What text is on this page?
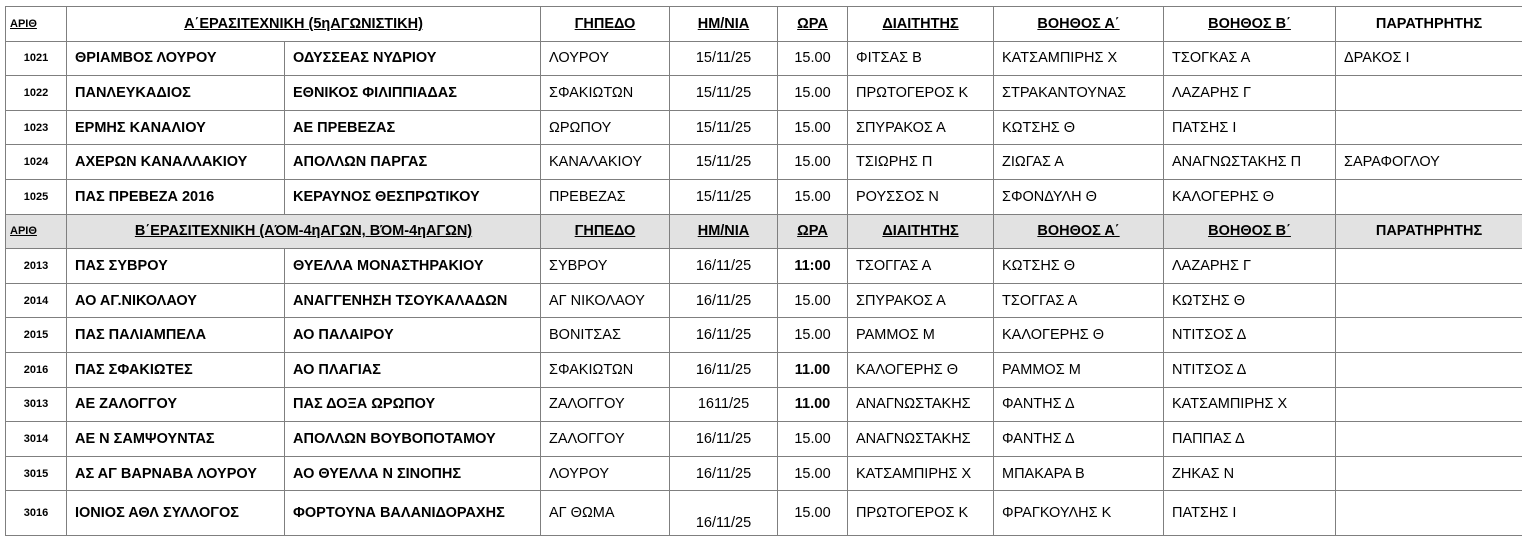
ΑΡΙΘ	Α΄ΕΡΑΣΙΤΕΧΝΙΚΗ (5ηΑΓΩΝΙΣΤΙΚΗ)		ΓΗΠΕΔΟ	ΗΜ/ΝΙΑ	ΩΡΑ	ΔΙΑΙΤΗΤΗΣ	ΒΟΗΘΟΣ Α΄	ΒΟΗΘΟΣ Β΄	ΠΑΡΑΤΗΡΗΤΗΣ
1021	ΘΡΙΑΜΒΟΣ ΛΟΥΡΟΥ	ΟΔΥΣΣΕΑΣ ΝΥΔΡΙΟΥ	ΛΟΥΡΟΥ	15/11/25	15.00	ΦΙΤΣΑΣ Β	ΚΑΤΣΑΜΠΙΡΗΣ Χ	ΤΣΟΓΚΑΣ Α	ΔΡΑΚΟΣ Ι
1022	ΠΑΝΛΕΥΚΑΔΙΟΣ	ΕΘΝΙΚΟΣ ΦΙΛΙΠΠΙΑΔΑΣ	ΣΦΑΚΙΩΤΩΝ	15/11/25	15.00	ΠΡΩΤΟΓΕΡΟΣ Κ	ΣΤΡΑΚΑΝΤΟΥΝΑΣ	ΛΑΖΑΡΗΣ Γ	
1023	ΕΡΜΗΣ ΚΑΝΑΛΙΟΥ	ΑΕ ΠΡΕΒΕΖΑΣ	ΩΡΩΠΟΥ	15/11/25	15.00	ΣΠΥΡΑΚΟΣ Α	ΚΩΤΣΗΣ Θ	ΠΑΤΣΗΣ Ι	
1024	ΑΧΕΡΩΝ ΚΑΝΑΛΛΑΚΙΟΥ	ΑΠΟΛΛΩΝ ΠΑΡΓΑΣ	ΚΑΝΑΛΑΚΙΟΥ	15/11/25	15.00	ΤΣΙΩΡΗΣ Π	ΖΙΩΓΑΣ Α	ΑΝΑΓΝΩΣΤΑΚΗΣ Π	ΣΑΡΑΦΟΓΛΟΥ
1025	ΠΑΣ ΠΡΕΒΕΖΑ 2016	ΚΕΡΑΥΝΟΣ ΘΕΣΠΡΩΤΙΚΟΥ	ΠΡΕΒΕΖΑΣ	15/11/25	15.00	ΡΟΥΣΣΟΣ Ν	ΣΦΟΝΔΥΛΗ Θ	ΚΑΛΟΓΕΡΗΣ Θ	
ΑΡΙΘ	Β΄ΕΡΑΣΙΤΕΧΝΙΚΗ (ΑΌΜ-4ηΑΓΩΝ, ΒΌΜ-4ηΑΓΩΝ)		ΓΗΠΕΔΟ	ΗΜ/ΝΙΑ	ΩΡΑ	ΔΙΑΙΤΗΤΗΣ	ΒΟΗΘΟΣ Α΄	ΒΟΗΘΟΣ Β΄	ΠΑΡΑΤΗΡΗΤΗΣ
2013	ΠΑΣ ΣΥΒΡΟΥ	ΘΥΕΛΛΑ ΜΟΝΑΣΤΗΡΑΚΙΟΥ	ΣΥΒΡΟΥ	16/11/25	11:00	ΤΣΟΓΓΑΣ Α	ΚΩΤΣΗΣ Θ	ΛΑΖΑΡΗΣ Γ	
2014	ΑΟ ΑΓ.ΝΙΚΟΛΑΟΥ	ΑΝΑΓΓΕΝΗΣΗ ΤΣΟΥΚΑΛΑΔΩΝ	ΑΓ ΝΙΚΟΛΑΟΥ	16/11/25	15.00	ΣΠΥΡΑΚΟΣ Α	ΤΣΟΓΓΑΣ Α	ΚΩΤΣΗΣ Θ	
2015	ΠΑΣ ΠΑΛΙΑΜΠΕΛΑ	ΑΟ ΠΑΛΑΙΡΟΥ	ΒΟΝΙΤΣΑΣ	16/11/25	15.00	ΡΑΜΜΟΣ Μ	ΚΑΛΟΓΕΡΗΣ Θ	ΝΤΙΤΣΟΣ Δ	
2016	ΠΑΣ ΣΦΑΚΙΩΤΕΣ	ΑΟ ΠΛΑΓΙΑΣ	ΣΦΑΚΙΩΤΩΝ	16/11/25	11.00	ΚΑΛΟΓΕΡΗΣ Θ	ΡΑΜΜΟΣ Μ	ΝΤΙΤΣΟΣ Δ	
3013	ΑΕ ΖΑΛΟΓΓΟΥ	ΠΑΣ ΔΟΞΑ ΩΡΩΠΟΥ	ΖΑΛΟΓΓΟΥ	1611/25	11.00	ΑΝΑΓΝΩΣΤΑΚΗΣ	ΦΑΝΤΗΣ Δ	ΚΑΤΣΑΜΠΙΡΗΣ Χ	
3014	ΑΕ Ν ΣΑΜΨΟΥΝΤΑΣ	ΑΠΟΛΛΩΝ ΒΟΥΒΟΠΟΤΑΜΟΥ	ΖΑΛΟΓΓΟΥ	16/11/25	15.00	ΑΝΑΓΝΩΣΤΑΚΗΣ	ΦΑΝΤΗΣ Δ	ΠΑΠΠΑΣ Δ	
3015	ΑΣ ΑΓ ΒΑΡΝΑΒΑ ΛΟΥΡΟΥ	ΑΟ ΘΥΕΛΛΑ Ν ΣΙΝΟΠΗΣ	ΛΟΥΡΟΥ	16/11/25	15.00	ΚΑΤΣΑΜΠΙΡΗΣ Χ	ΜΠΑΚΑΡΑ Β	ΖΗΚΑΣ Ν	
3016	ΙΟΝΙΟΣ ΑΘΛ ΣΥΛΛΟΓΟΣ	ΦΟΡΤΟΥΝΑ ΒΑΛΑΝΙΔΟΡΑΧΗΣ	ΑΓ ΘΩΜΑ	16/11/25	15.00	ΠΡΩΤΟΓΕΡΟΣ Κ	ΦΡΑΓΚΟΥΛΗΣ Κ	ΠΑΤΣΗΣ Ι	
